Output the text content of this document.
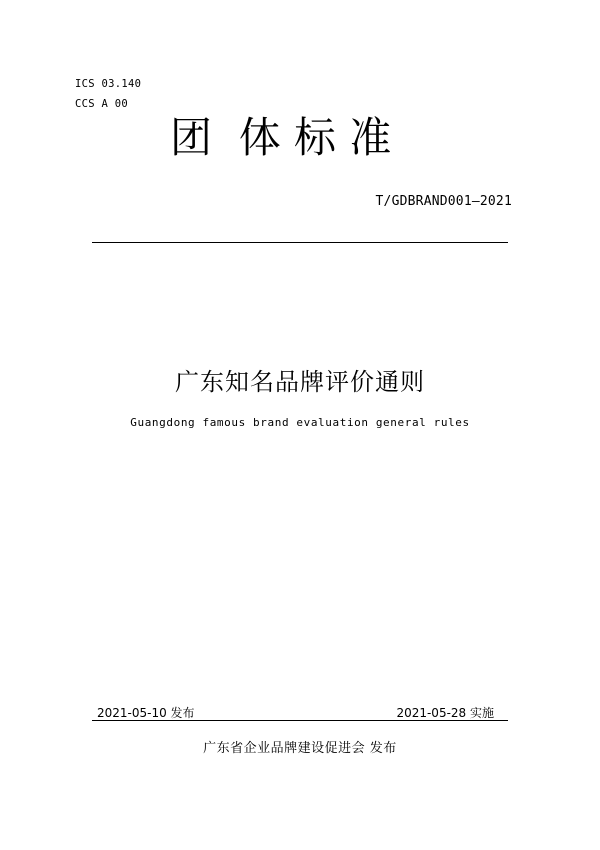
ICS 03.140
CCS A 00
团  体 标 准
T/GDBRAND001—2021
广东知名品牌评价通则
Guangdong famous brand evaluation general rules
2021-05-10 发布	2021-05-28 实施
广东省企业品牌建设促进会 发布
